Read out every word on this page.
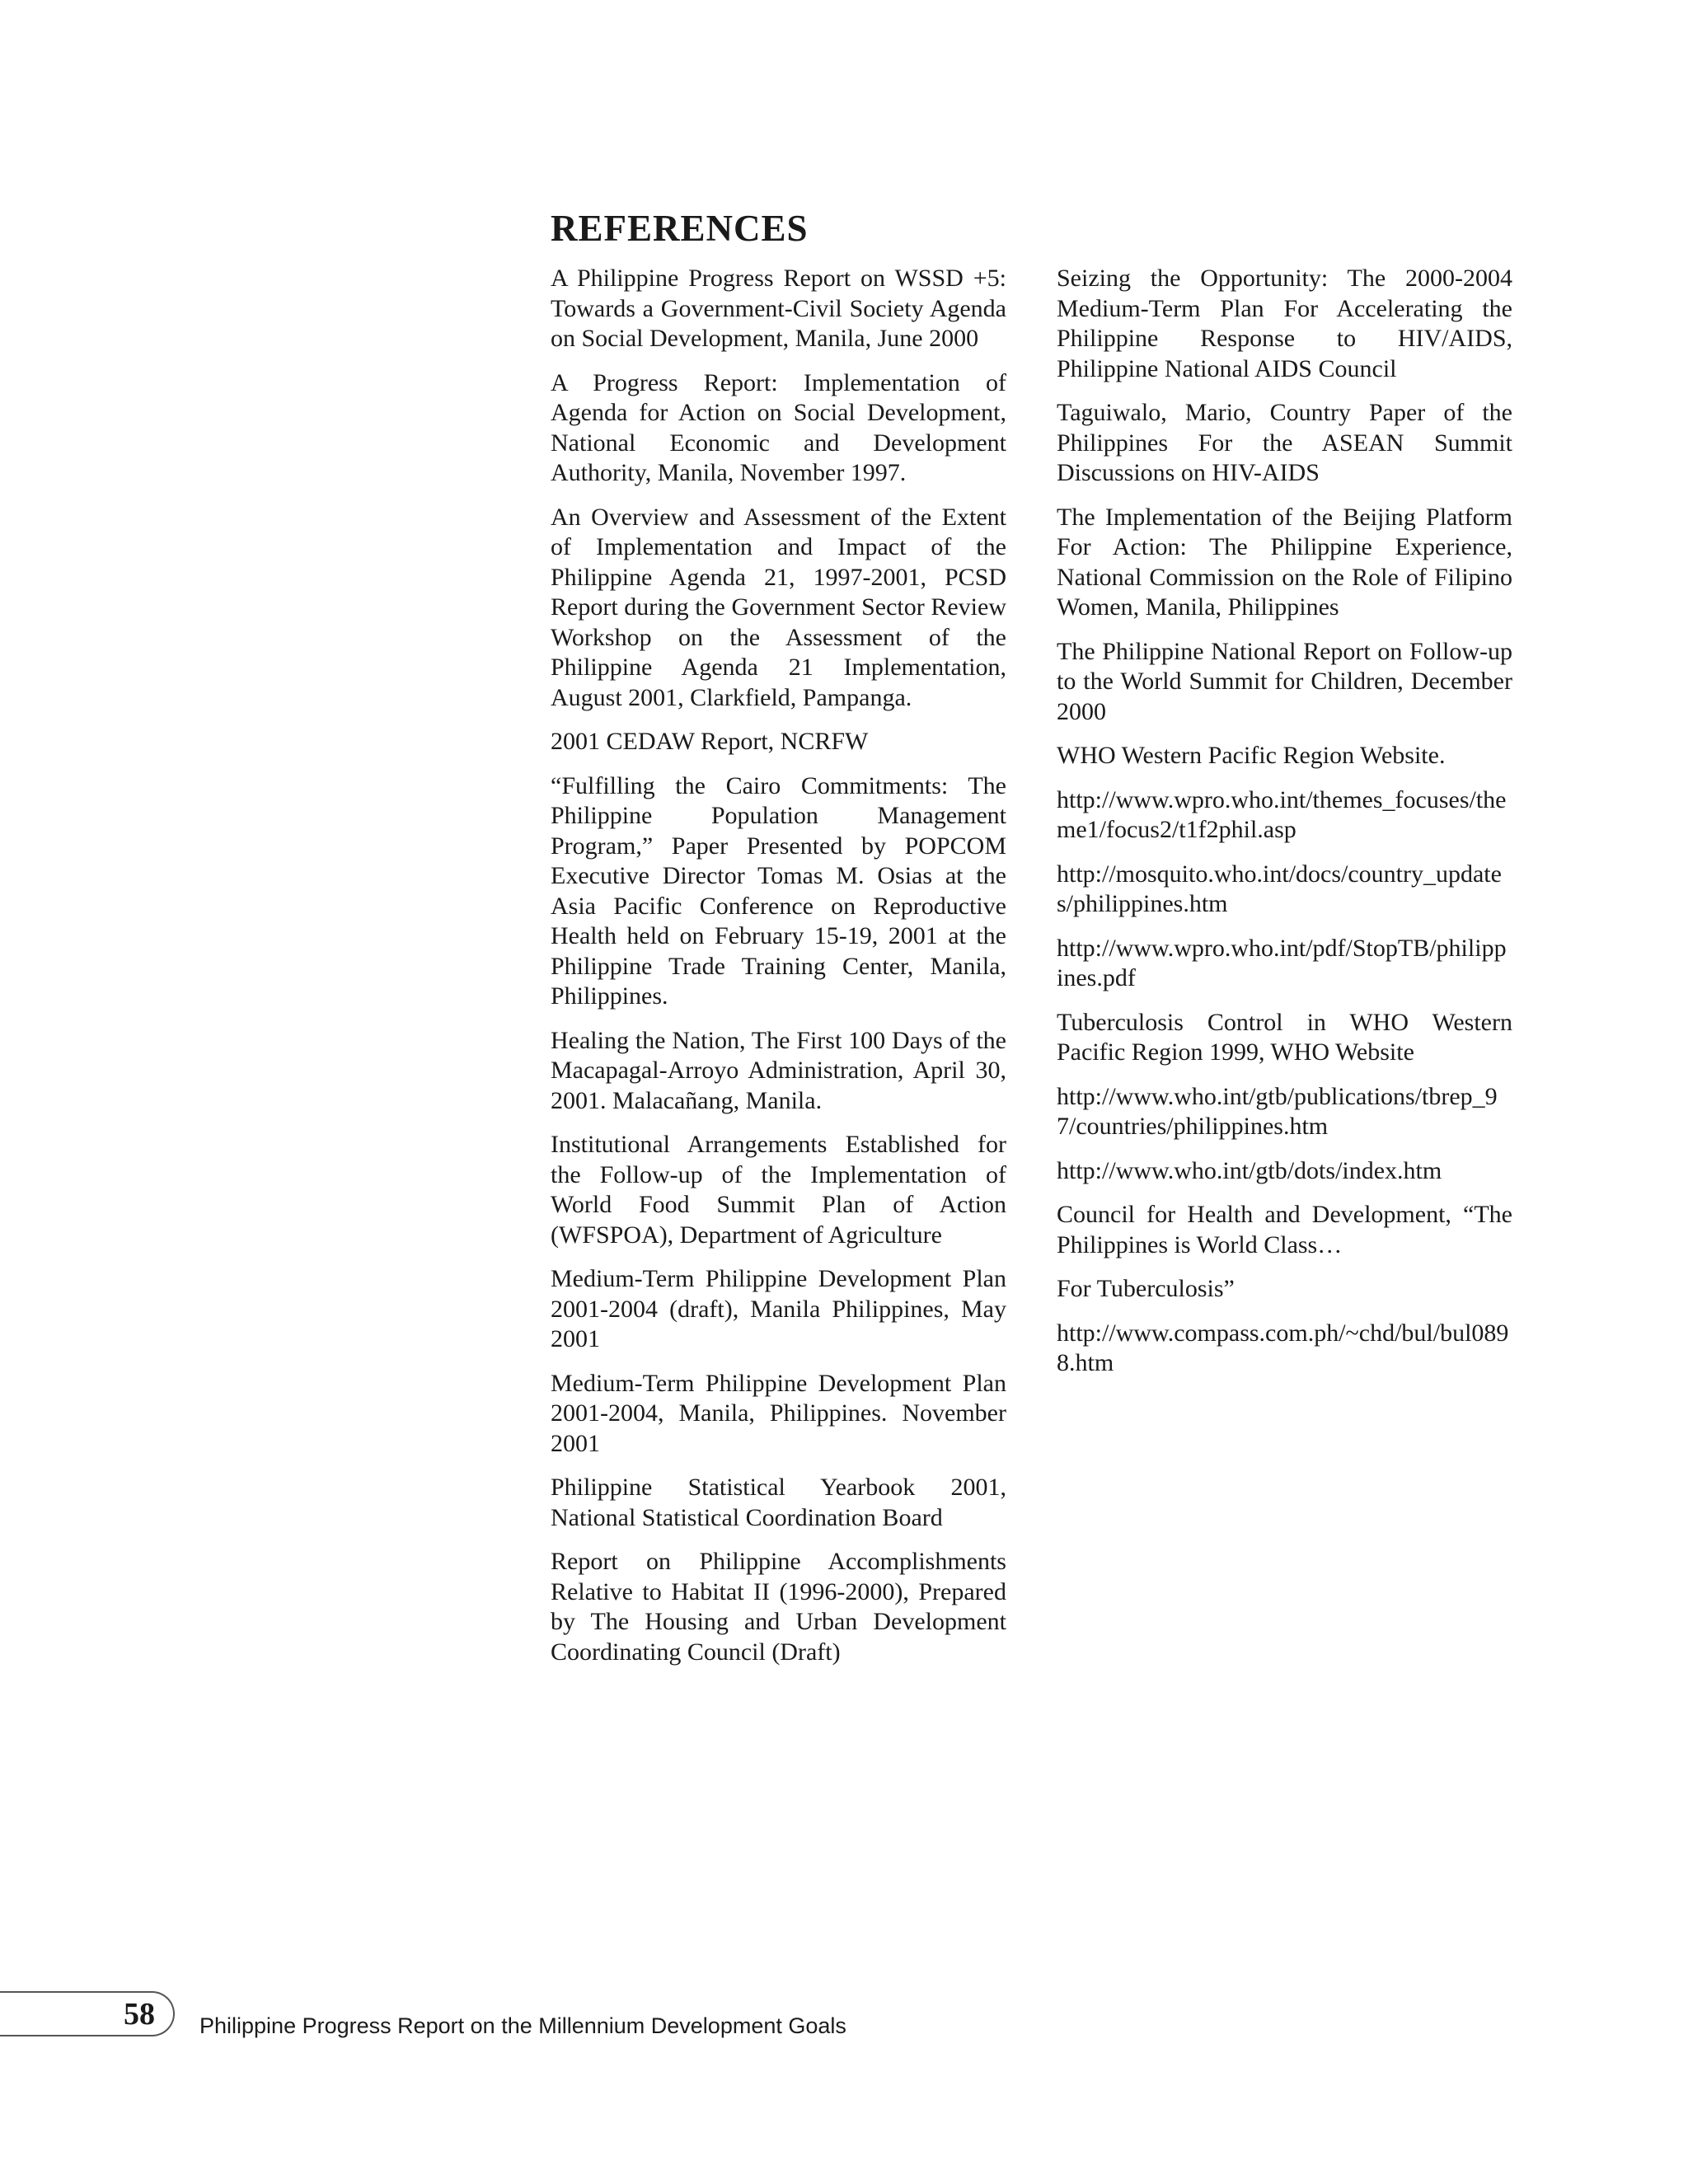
REFERENCES

A Philippine Progress Report on WSSD +5: Towards a Government-Civil Society Agenda on Social Development, Manila, June 2000

A Progress Report: Implementation of Agenda for Action on Social Development, National Economic and Development Authority, Manila, November 1997.

An Overview and Assessment of the Extent of Implementation and Impact of the Philippine Agenda 21, 1997-2001, PCSD Report during the Government Sector Review Workshop on the Assessment of the Philippine Agenda 21 Implementation, August 2001, Clarkfield, Pampanga.

2001 CEDAW Report, NCRFW

“Fulfilling the Cairo Commitments: The Philippine Population Management Program,” Paper Presented by POPCOM Executive Director Tomas M. Osias at the Asia Pacific Conference on Reproductive Health held on February 15-19, 2001 at the Philippine Trade Training Center, Manila, Philippines.

Healing the Nation, The First 100 Days of the Macapagal-Arroyo Administration, April 30, 2001. Malacañang, Manila.

Institutional Arrangements Established for the Follow-up of the Implementation of World Food Summit Plan of Action (WFSPOA), Department of Agriculture

Medium-Term Philippine Development Plan 2001-2004 (draft), Manila Philippines, May 2001

Medium-Term Philippine Development Plan 2001-2004, Manila, Philippines. November 2001

Philippine Statistical Yearbook 2001, National Statistical Coordination Board

Report on Philippine Accomplishments Relative to Habitat II (1996-2000), Prepared by The Housing and Urban Development Coordinating Council (Draft)

Seizing the Opportunity: The 2000-2004 Medium-Term Plan For Accelerating the Philippine Response to HIV/AIDS, Philippine National AIDS Council

Taguiwalo, Mario, Country Paper of the Philippines For the ASEAN Summit Discussions on HIV-AIDS

The Implementation of the Beijing Platform For Action: The Philippine Experience, National Commission on the Role of Filipino Women, Manila, Philippines

The Philippine National Report on Follow-up to the World Summit for Children, December 2000

WHO Western Pacific Region Website.

http://www.wpro.who.int/themes_focuses/theme1/focus2/t1f2phil.asp

http://mosquito.who.int/docs/country_updates/philippines.htm

http://www.wpro.who.int/pdf/StopTB/philippines.pdf

Tuberculosis Control in WHO Western Pacific Region 1999, WHO Website

http://www.who.int/gtb/publications/tbrep_97/countries/philippines.htm

http://www.who.int/gtb/dots/index.htm

Council for Health and Development, “The Philippines is World Class…

For Tuberculosis”

http://www.compass.com.ph/~chd/bul/bul0898.htm

58 Philippine Progress Report on the Millennium Development Goals
